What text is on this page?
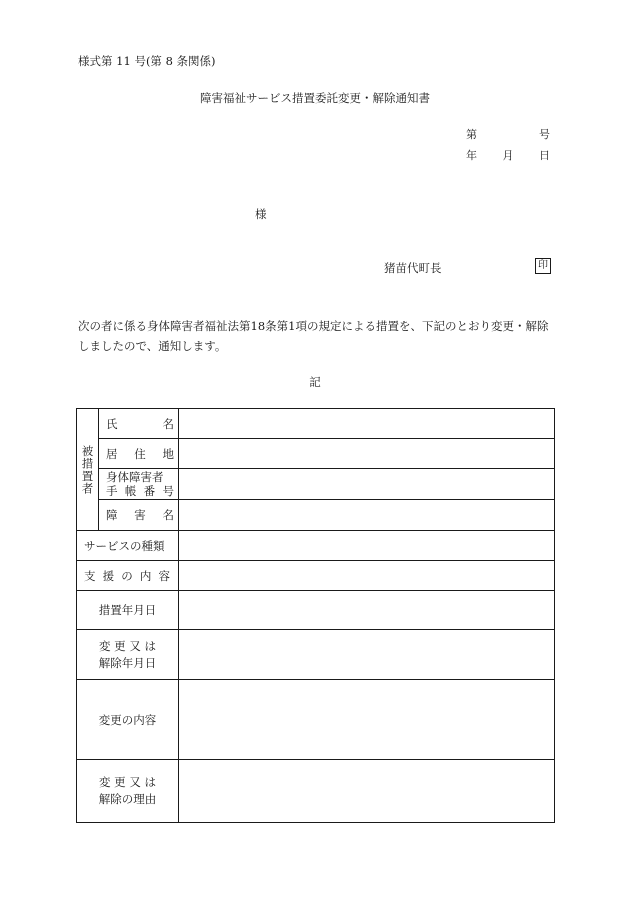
様式第 11 号(第 8 条関係)
障害福祉サービス措置委託変更・解除通知書
第	号
年 月 日
様
猪苗代町長	印
次の者に係る身体障害者福祉法第18条第1項の規定による措置を、下記のとおり変更・解除しましたので、通知します。
記
被措置者	氏 名	

	居 住 地	

	身体障害者
手 帳 番 号	

	障 害 名	

サービスの種類		

支 援 の 内 容		

措置年月日		

変 更 又 は
解除年月日		

変更の内容		

変 更 又 は
解除の理由		
